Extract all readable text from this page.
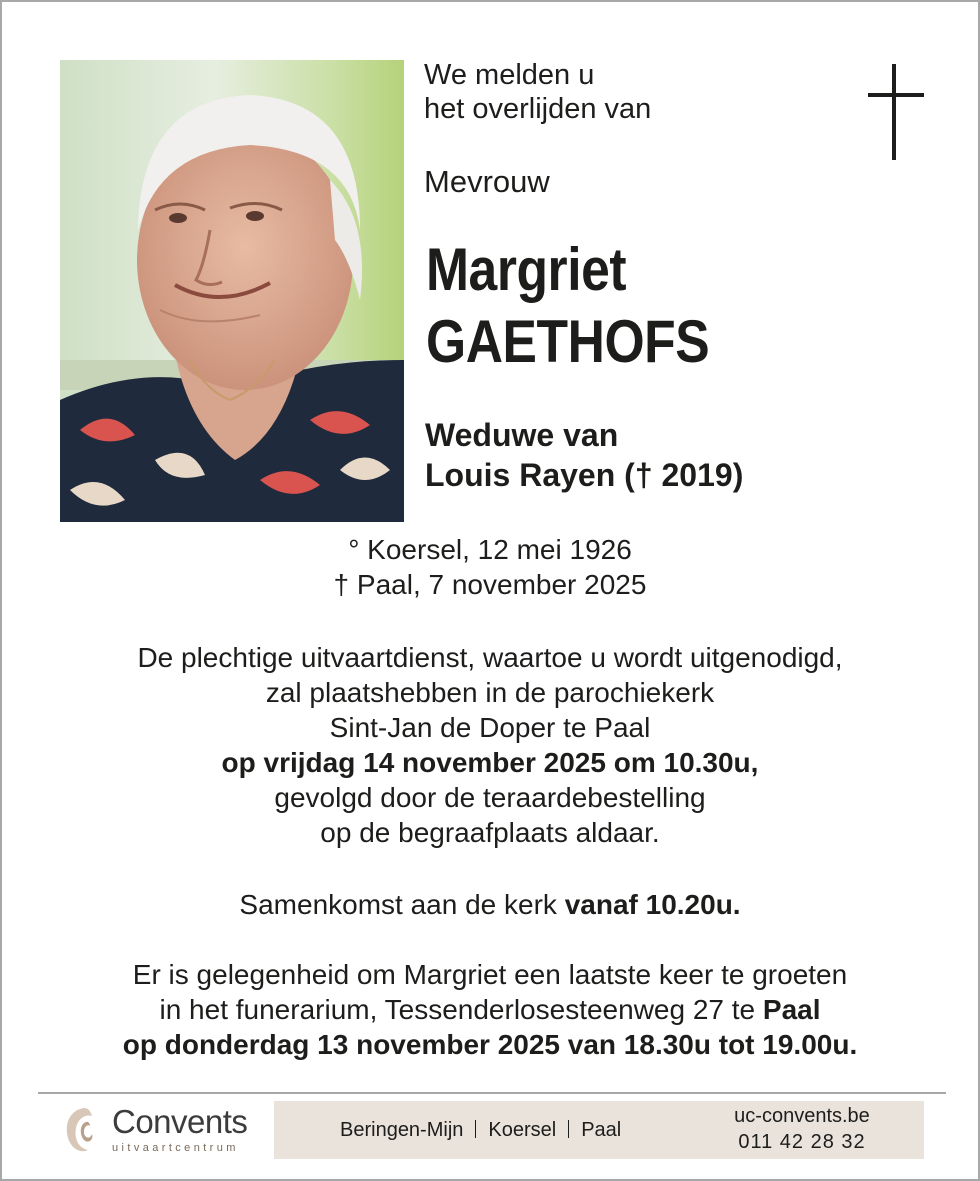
We melden u
het overlijden van
Mevrouw
Margriet
GAETHOFS
Weduwe van
Louis Rayen († 2019)
° Koersel, 12 mei 1926
† Paal, 7 november 2025
De plechtige uitvaartdienst, waartoe u wordt uitgenodigd,
zal plaatshebben in de parochiekerk
Sint-Jan de Doper te Paal
op vrijdag 14 november 2025 om 10.30u,
gevolgd door de teraardebestelling
op de begraafplaats aldaar.
Samenkomst aan de kerk vanaf 10.20u.
Er is gelegenheid om Margriet een laatste keer te groeten
in het funerarium, Tessenderlosesteenweg 27 te Paal
op donderdag 13 november 2025 van 18.30u tot 19.00u.
Convents
uitvaartcentrum
Beringen-Mijn Koersel Paal
uc-convents.be
011 42 28 32
